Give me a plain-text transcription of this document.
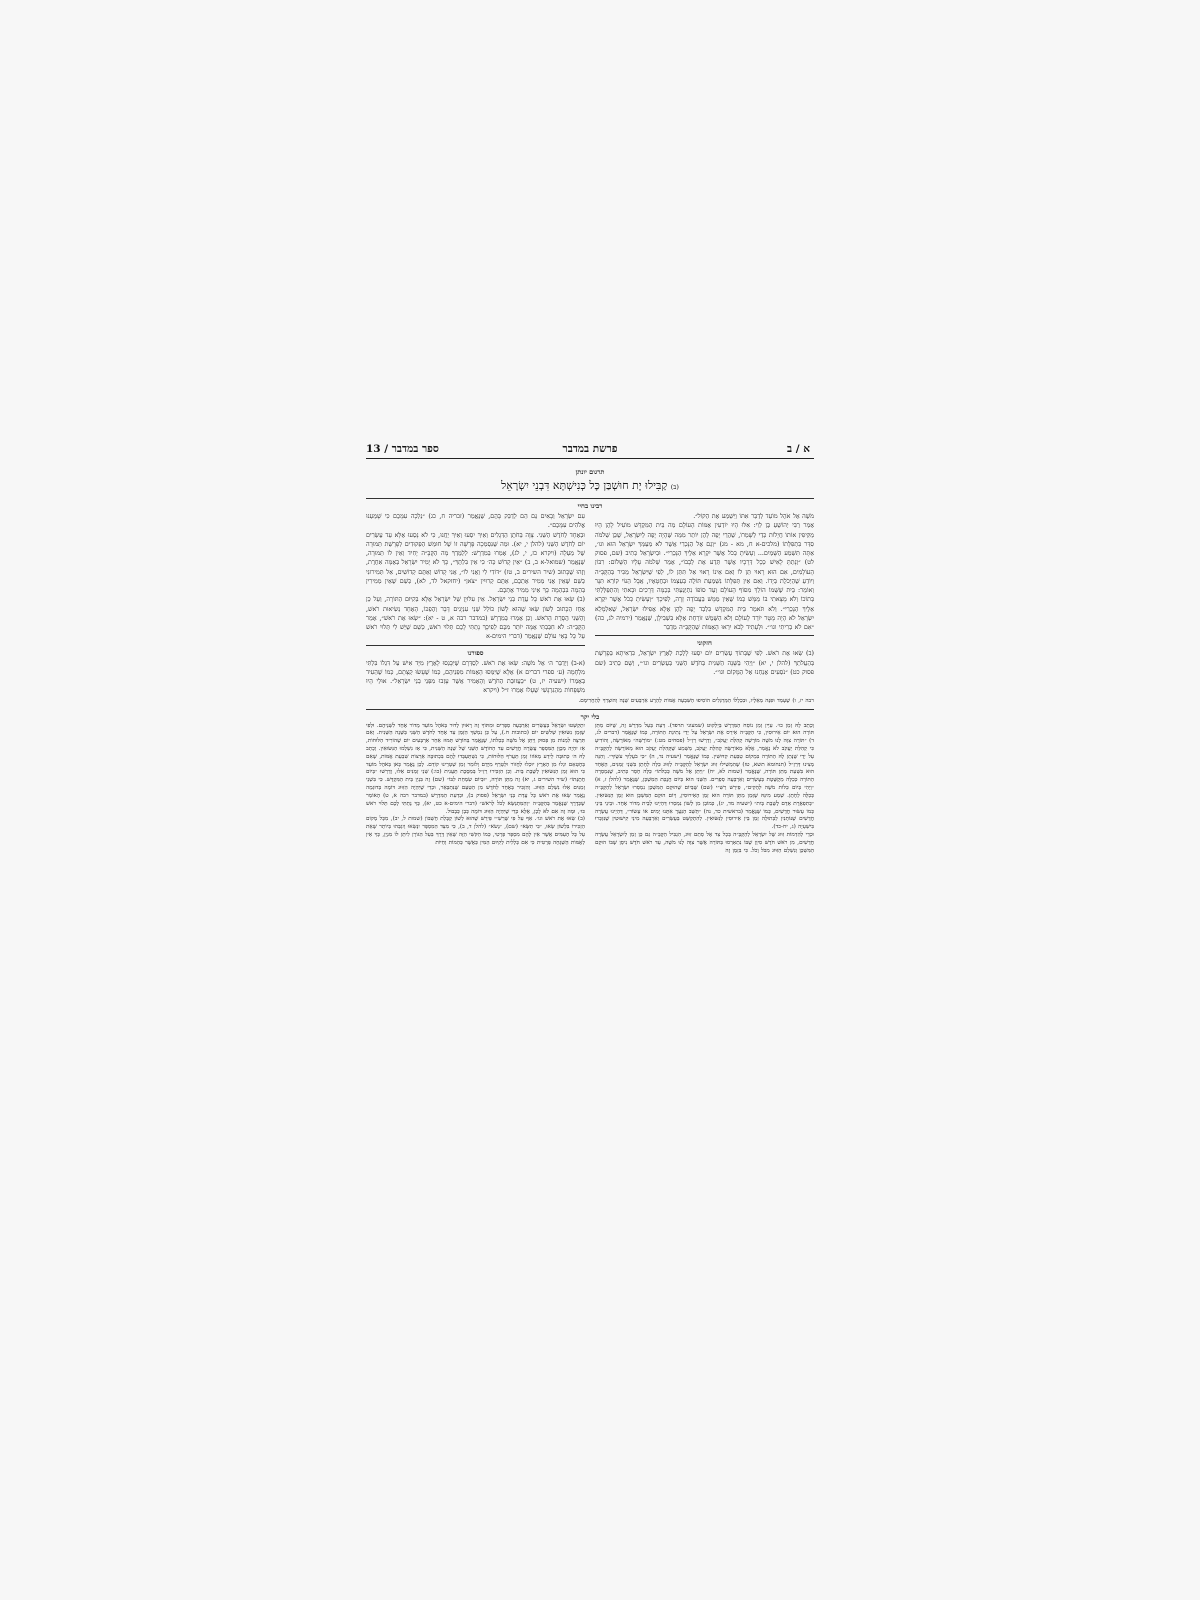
א / ב
פרשת במדבר
ספר במדבר / 13
תרגום יונתן
(ב) קַבִּילוּ יָת חוּשְׁבַּן כָּל כְּנִישְׁתָּא דִּבְנֵי יִשְׂרָאֵל
רבינו בחיי

מֹשֶׁה אֶל אֹהֶל מוֹעֵד לְדַבֵּר אִתּוֹ וַיִּשְׁמַע אֶת הַקּוֹל״.

אָמַר רַבִּי יְהוֹשֻׁעַ בֶּן לֵוִי: אִלּוּ הָיוּ יוֹדְעִין אֻמּוֹת הָעוֹלָם מַה בֵּית הַמִּקְדָּשׁ מוֹעִיל לָהֶן הָיוּ מַקִּיפִין אוֹתוֹ חֲיָלוֹת כְּדֵי לְשָׁמְרוֹ, שֶׁהֲרֵי יָפֶה לָהֶן יוֹתֵר מִמַּה שֶּׁהָיָה יָפֶה לְיִשְׂרָאֵל, שֶׁכֵּן שְׁלֹמֹה סִדֵּר בִּתְפִלָּתוֹ (מלכים-א ח, מא - מג) ״וְגַם אֶל הַנָּכְרִי אֲשֶׁר לֹא מֵעַמְּךָ יִשְׂרָאֵל הוּא וגו׳, אַתָּה תִּשְׁמַע הַשָּׁמַיִם... וְעָשִׂיתָ כְּכֹל אֲשֶׁר יִקְרָא אֵלֶיךָ הַנָּכְרִי״. וּבְיִשְׂרָאֵל כְּתִיב (שם, פסוק לט) ״וְנָתַתָּ לָאִישׁ כְּכָל דְּרָכָיו אֲשֶׁר תֵּדַע אֶת לְבָבוֹ״, אָמַר שְׁלֹמֹה עָלָיו הַשָּׁלוֹם: רִבּוֹן הָעוֹלָמִים, אִם הוּא רָאוּי תֵּן לוֹ וְאִם אֵינוֹ רָאוּי אַל תִּתֵּן לוֹ, לְפִי שֶׁיִּשְׂרָאֵל מַכִּיר בְּהַקָּבָּ״ה וְיוֹדֵעַ שֶׁהַיְכֹלֶת בְּיָדוֹ. וְאִם אֵין תְּפִלָּתוֹ נִשְׁמַעַת תּוֹלֶה בְּעַצְמוֹ וּבַחֲטָאָיו, אֲבָל הַגּוֹי קוֹרֵא תִּגָּר וְאוֹמֵר: בַּיִת שֶׁשְּׁמוֹ הוֹלֵךְ מִסּוֹף הָעוֹלָם וְעַד סוֹפוֹ נִתְיַגַּעְתִּי בְּכַמָּה דְּרָכִים וּבָאתִי וְהִתְפַּלַּלְתִּי בְּתוֹכוֹ וְלֹא מָצָאתִי בּוֹ מַמָּשׁ כְּמוֹ שֶׁאֵין מַמָּשׁ בַּעֲבוֹדָה זָרָה, לְפִיכָךְ ״וְעָשִׂיתָ כְּכֹל אֲשֶׁר יִקְרָא אֵלֶיךָ הַנָּכְרִי״. וְלֹא תֹּאמַר בֵּית הַמִּקְדָּשׁ בִּלְבַד יָפֶה לָהֶן אֶלָּא אֲפִילּוּ יִשְׂרָאֵל, שֶׁאִלְמָלֵא יִשְׂרָאֵל לֹא הָיָה מָטָר יוֹרֵד לָעוֹלָם וְלֹא הַשֶּׁמֶשׁ זוֹרַחַת אֶלָּא בִּשְׁבִילָן, שֶׁנֶּאֱמַר (ירמיה לג, כה) ״אִם לֹא בְרִיתִי וגו׳״. וּלְעָתִיד לָבֹא יִרְאוּ הָאֻמּוֹת שֶׁהַקָּבָּ״ה מְדַבֵּר

חזקוני

(ב) שְׂאוּ אֶת רֹאשׁ. לְפִי שֶׁבְּתוֹךְ עֶשְׂרִים יוֹם יִסְעוּ לָלֶכֶת לְאֶרֶץ יִשְׂרָאֵל, כִּדְאִיתָא בְּפָרָשַׁת בְּהַעֲלֹתְךָ (להלן י, יא) ״וַיְהִי בַּשָּׁנָה הַשֵּׁנִית בַּחֹדֶשׁ הַשֵּׁנִי בְּעֶשְׂרִים וגו׳״, וְשָׁם כְּתִיב (שם פסוק כט) ״נֹסְעִים אֲנַחְנוּ אֶל הַמָּקוֹם וגו׳״.

עִם יִשְׂרָאֵל וְבָאִים גַּם הֵם לְדַבֵּק בָּהֶם, שֶׁנֶּאֱמַר (זכריה ח, כג) ״נֵלְכָה עִמָּכֶם כִּי שָׁמַעְנוּ אֱלֹהִים עִמָּכֶם״.

וּבְאֶחָד לַחֹדֶשׁ הַשֵּׁנִי. צָוָה בַּחֹתֶן הַדְּגָלִים וְאֵיךְ יִסְעוּ וְאֵיךְ יַחֲנוּ, כִּי לֹא נָסְעוּ אֶלָּא עַד עֶשְׂרִים יוֹם לַחֹדֶשׁ הַשֵּׁנִי (להלן י, יא). וּמַה שֶּׁנִּסְמְכָה פָּרָשָׁה זוֹ שֶׁל חוּמַשׁ הַפְּקוּדִים לְפָרָשַׁת תְּמוּרָה שֶׁל מַעְלָה (ויקרא כז, י, לג), אָמְרוּ בְּמִדְרָשׁ: לְלַמֶּדְךָ מָה הַקָּבָּ״ה יָחִיד וְאֵין לוֹ תְּמוּרָה, שֶׁנֶּאֱמַר (שמואל-א ב, ב) ״אֵין קָדוֹשׁ כַּה׳ כִּי אֵין בִּלְתֶּךָ״, כָּךְ לֹא יָמִיר יִשְׂרָאֵל בְּאֻמָּה אַחֶרֶת, וְזֶהוּ שֶׁכָּתוּב (שיר השירים ב, טז) ״דּוֹדִי לִי וַאֲנִי לוֹ״, אֲנִי קָדוֹשׁ וְאַתֶּם קְדוֹשִׁים, אַל תְּמִירוּנִי כְּשֵׁם שֶׁאֵין אֲנִי מֵמִיר אֶתְכֶם, אַתֶּם קְרוּיִין ״צֹאן״ (יחזקאל לד, לא), כְּשֵׁם שֶׁאֵין מְמִירִין בְּהֵמָה בִּבְהֵמָה כָּךְ אֵינִי מֵמִיר אֶתְכֶם.

(ב) שְׂאוּ אֶת רֹאשׁ כָּל עֲדַת בְּנֵי יִשְׂרָאֵל. אֵין עִלּוּיָן שֶׁל יִשְׂרָאֵל אֶלָּא בְּקִיּוּם הַתּוֹרָה, וְעַל כֵּן אָחַז הַכָּתוּב לְשׁוֹן שְׂאוּ שֶׁהוּא לָשׁוֹן כּוֹלֵל שְׁנֵי עִנְיָנִים דָּבָר וְהֶפְכּוֹ, הָאֶחָד נְשִׂיאוּת רֹאשׁ, וְהַשֵּׁנִי הֲסָרַת הָרֹאשׁ. וְכֵן אָמְרוּ בְּמִדְרָשׁ (במדבר רבה א, ט - יא): ״שְׂאוּ אֶת רֹאשׁ״, אָמַר הַקָּבָּ״ה: לֹא חִבַּבְתִּי אֻמָּה יוֹתֵר מִכֶּם לְפִיכָךְ נָתַתִּי לָכֶם תְּלוּי רֹאשׁ, כְּשֵׁם שֶׁיֵּשׁ לִי תְּלוּי רֹאשׁ עַל כָּל בָּאֵי עוֹלָם שֶׁנֶּאֱמַר (דברי הימים-א

ספורנו

(א-ב) וַיְדַבֵּר ה׳ אֶל מֹשֶׁה: שְׂאוּ אֶת רֹאשׁ. לְסַדְּרָם שֶׁיִּכָּנְסוּ לָאָרֶץ מִיָּד אִישׁ עַל דִּגְלוֹ בִּלְתִּי מִלְחָמָה (ע׳ ספרי דברים א) אֶלָּא שֶׁיִּמַּסּוּ הָאֻמּוֹת מִפְּנֵיהֶם, כְּמוֹ שֶׁעָשׂוּ קְצָתָם, כְּמוֹ שֶׁהֵעִיד בְּאָמְרוֹ (ישעיה יז, ט) ״כַּעֲזוּבַת הַחֹרֶשׁ וְהָאָמִיר אֲשֶׁר עָזְבוּ מִפְּנֵי בְנֵי יִשְׂרָאֵל״. אוּלַי הָיוּ מִשְׁפָּחוֹת מֵהַגִּרְגָּשִׁי שֶׁעָלוּ אָמְרוּ ז״ל (ויקרא

רבה יז, ו) שֶׁעָמַד וּפִנָּה מֵאֵלָיו, וּבִכְלָלוֹ הַמְּרַגְּלִים הוֹסִיפוּ הַשִּׁבְעָה אֻמּוֹת לְהֵרָע אַרְבָּעִים שָׁנָה וְהוּצְרַךְ לְהַחֲרִימָם.

כלי יקר

וְכָתַב לָהּ זְמַן כוּ׳. עַיֵּין זְמַן נוֹסַח הַמִּדְרָשׁ בְּיַלְקוּט (שמעוני תרפד). דַּעַת בַּעַל מִדְרָשׁ זֶה, שֶׁיּוֹם מַתַּן תּוֹרָה הוּא יוֹם אֵירוּסִין, כִּי הַקָּבָּ״ה אֵירֵס אֶת יִשְׂרָאֵל עַל יְדֵי נְתִינַת הַתּוֹרָה, כְּמוֹ שֶׁנֶּאֱמַר (דברים לג, ד) ״תּוֹרָה צִוָּה לָנוּ מֹשֶׁה מוֹרָשָׁה קְהִלַּת יַעֲקֹב״, וְדָרְשׁוּ רַזַ״ל (פסחים מט:) ״מוֹרָשָׁה״ מְאוֹרָשָׂה, וְהוֹדִיעַ כִּי קְהִלַּת יַעֲקֹב לֹא נֶאֱמַר, אֶלָּא מְאוֹרָשָׂה קְהִלַּת יַעֲקֹב, מַשְׁמַע שֶׁקְּהִלַּת יַעֲקֹב הוּא מְאוֹרָשָׂה לְהַקָּבָּ״ה עַל יְדֵי שֶׁנָּתַן לָהּ הַתּוֹרָה בִּמְקוֹם טַבַּעַת קִדּוּשִׁין. כְּמוֹ שֶׁנֶּאֱמַר (ישעיה נד, ה) ״כִּי בֹעֲלַיִךְ עֹשָׂיִךְ״. וְהִנֵּה מְצִינוּ דְּרַזַ״ל (תנחומא תשא, טז) שֶׁהִמְשִׁילוּ זִוּוּג יִשְׂרָאֵל לְהַקָּבָּ״ה לְזִוּוּג כַּלָּה לְחָתָן בִּשְׁנֵי זְמַנִּים, הָאֶחָד הוּא בִּשְׁעַת מַתַּן תּוֹרָה, שֶׁנֶּאֱמַר (שמות לא, יח) ״וַיִּתֵּן אֶל מֹשֶׁה כְּכַלֹּתוֹ״ כַּלָּה חָסֵר כְּתִיב, שֶׁנִּמְסְרָה הַתּוֹרָה כְּכַלָּה מְקֻשֶּׁטֶת בְּעֶשְׂרִים וְאַרְבָּעָה סְפָרִים. הַשֵּׁנִי הוּא בְּיוֹם חֲנֻכַּת הַמִּשְׁכָּן, שֶׁנֶּאֱמַר (להלן ז, א) ״וַיְהִי בְּיוֹם כַּלּוֹת מֹשֶׁה לְהָקִים״, פֵּירֵשׁ רַשִׁ״י (שם) שֶׁבְּיוֹם שֶׁהוּקַם הַמִּשְׁכָּן נִמְסְרוּ יִשְׂרָאֵל לְהַקָּבָּ״ה כְּכַלָּה לְחָתָן. שְׁמַע מִינַּהּ שֶׁזְּמַן מַתַּן תּוֹרָה הוּא זְמַן הָאֵירוּסִין, וְיוֹם הוּקַם הַמִּשְׁכָּן הוּא זְמַן הַנִּשּׂוּאִין. ״כְּתִפְאֶרֶת אָדָם לָשֶׁבֶת בָּיִת״ (ישעיה מד, יג), כְּמוֹבָן מִן לְשׁוֹן נִמְסְרוּ דְּהַיְינוּ לְבֵית מְדוֹר אֶחָד. וּבֵינֵי בֵּינֵי כְּמוֹ עָשׂוּר חֳדָשִׁים, כְּמוֹ שֶׁנֶּאֱמַר (בראשית כד, נה) ״תֵּשֵׁב הַנַּעֲרָ אִתָּנוּ יָמִים אוֹ עָשׂוֹר״, דְּהַיְינוּ עֲשָׂרָה חֳדָשִׁים שֶׁנּוֹתְנִין לַבְּתוּלָה זְמַן בֵּין אֵירוּסִין לַנִּשּׂוּאִין. לְהִתְקַשֵּׁט בְּעֶשְׂרִים וְאַרְבָּעָה מִינֵי קִישׁוּטִין שֶׁנִּזְכְּרוּ בִּישַׁעְיָה (ג, יח-כד).

וּכְדֵי לְהַדְמוֹת זִוּוּג שֶׁל יִשְׂרָאֵל לְהַקָּבָּ״ה בְּכָל צַד אֶל סְתַם זִוּוּג, הִגְבִּיל הַקָּבָּ״ה גַּם כֵּן זְמַן לְיִשְׂרָאֵל עֲשָׂרָה חֳדָשִׁים, מִן רֹאשׁ חֹדֶשׁ סִיוָן שֶׁבּוֹ נִתְאָרְסוּ בַּתּוֹרָה אֲשֶׁר צִוָּה לָנוּ מֹשֶׁה, עַד רֹאשׁ חֹדֶשׁ נִיסָן שֶׁבּוֹ הוּקַם הַמִּשְׁכָּן וְנִשְׁלַם הַזִּוּוּג מִכֹּל וָכֹל. כִּי בִּזְמַן זֶה

יִתְקַשְּׁטוּ יִשְׂרָאֵל בְּעֶשְׂרִים וְאַרְבָּעָה סְפָרִים וּמִתּוֹךְ זֶה רָאוּיִן לָדוּר בְּאֹהֶל מוֹעֵד מָדוֹר אֶחָד לִשְׁנֵיהֶם. וּלְפִי שֶׁזְּמַן נִשּׂוּאִין שְׁלֹשִׁים יוֹם (כתובות ח.), עַל כֵּן נִמְשַׁךְ הַזְּמַן עַד אֶחָד לַחֹדֶשׁ הַשֵּׁנִי בַּשָּׁנָה הַשֵּׁנִית. וְאִם תִּרְצֶה לִמְנוֹת מִן פְּסוּק וַיִּתֵּן אֶל מֹשֶׁה כְּכַלֹּתוֹ, שֶׁנֶּאֱמַר בְּחוֹדֶשׁ תַּמּוּז אַחַר אַרְבָּעִים יוֹם שֶׁהוֹרִיד הַלּוּחוֹת, אַז יִהְיֶה מְכֻוָּן הַמִּסְפָּר עֲשָׂרָה חֳדָשִׁים עַד הַחוֹדֶשׁ הַשֵּׁנִי שֶׁל שָׁנָה הַשֵּׁנִית, כִּי אָז נִשְׁלְמוּ הַנִּשּׂוּאִין. וְכָתַב לָהּ ה׳ כְּתוּבָּה לֵידַע מְאוֹזוֹ זְמַן תַּעֲרֹף הַלּוּחוֹת, כִּי נִשְׁתַּעְבְּדוּ לָהֶם בִּכְתוּבָּה אַרְצוֹת שִׁבְעַת אֻמּוֹת, שֶׁאִם בְּחֶטְאָם יִגְלוּ מִן הָאָרֶץ יוּכְלוּ לַחֲזוֹר וּלְטָרֵף מִיָּדָם וְלוֹמַר זְמַן שְׁטָרֵינוּ קוֹדֵם. לָכֵן נֶאֱמַר כָּאן בְּאֹהֶל מוֹעֵד כִּי הוּא זְמַן הַנִּשּׂוּאִין לְשֶׁבֶת בָּיִת. וְכֵן הִזְכִּירוּ רַזַ״ל בְּמַסֶּכֶת תַּעֲנִית (כו:) שְׁנֵי זְמַנִּים אֵלּוּ, וְדָרְשׁוּ ״בְּיוֹם חֲתֻנָּתוֹ״ (שיר השירים ג, יא) זֶה מַתַּן תּוֹרָה, ״וּבְיוֹם שִׂמְחַת לִבּוֹ״ (שם) זֶה בִּנְיַן בֵּית הַמִּקְדָּשׁ. כִּי בִּשְׁנֵי זְמַנִּים אֵלּוּ נִשְׁלַם הַזִּוּוּג. וְהִזְכִּיר בְּאֶחָד לַחֹדֶשׁ מִן הַטַּעַם שֶׁנִּתְבָּאֵר, וּכְדֵי שֶׁיִּהְיֶה הַזִּוּוּג דּוֹמֶה בְּדוּגְמָה נֶאֱמַר שְׂאוּ אֶת רֹאשׁ כָּל עֲדַת בְּנֵי יִשְׂרָאֵל (פסוק ב), וּכְדַעַת הַמִּדְרָשׁ (במדבר רבה א, ט) הָאוֹמֵר שֶׁכְּדֶרֶךְ שֶׁנֶּאֱמַר בְּהַקָּבָּ״ה ״וְהַמִּתְנַשֵּׂא לְכֹל לְרֹאשׁ״ (דברי הימים-א כט, יא), כָּךְ נָתַתִּי לָכֶם תְּלוּי רֹאשׁ כּוּ׳, וּמָה זֶה אִם לֹא לָכֶן, אֶלָּא כְּדֵי שֶׁיִּהְיֶה הַזִּוּוּג דּוֹמֶה כְּבָן כְּבָבוּל.

(ב) שְׂאוּ אֶת רֹאשׁ וגו׳. אַף עַל פִּי שֶׁרַשִׁ״י פֵּירֵשׁ שֶׁהוּא לְשׁוֹן קַבָּלַת חֶשְׁבּוֹן (שמות ל, יב), מִכָּל מָקוֹם הַזְכִּירוֹ בִּלְשׁוֹן שְׂאוּ, ״כִּי תִשָּׂא״ (שם), ״נָשֹׂא״ (להלן ד, ב), כִּי מִצַּד הַמִּסְפָּר יִנָּשְׂאוּ וְיִגְבְּהוּ בְּיוֹתֵר שֶׁאֵת עַל כָּל הָעַמִּים אֲשֶׁר אֵין לָהֶם מִסְפָּר פְּרָטִי, כְּמוֹ הַקֹּשִׁי הַזֶּה שֶׁאֵין דֶּרֶךְ בַּעַל הַגּוֹרָן לִיתֵּן לוֹ מִנְיָן, כָּךְ אֵין לְאֻמּוֹת הַשְׁגָּחָה פְּרָטִית כִּי אִם כְּלָלִית לְקִיּוּם הַמִּין כַּאֲשֶׁר כְּהֵמוֹת וְחַיּוֹת
